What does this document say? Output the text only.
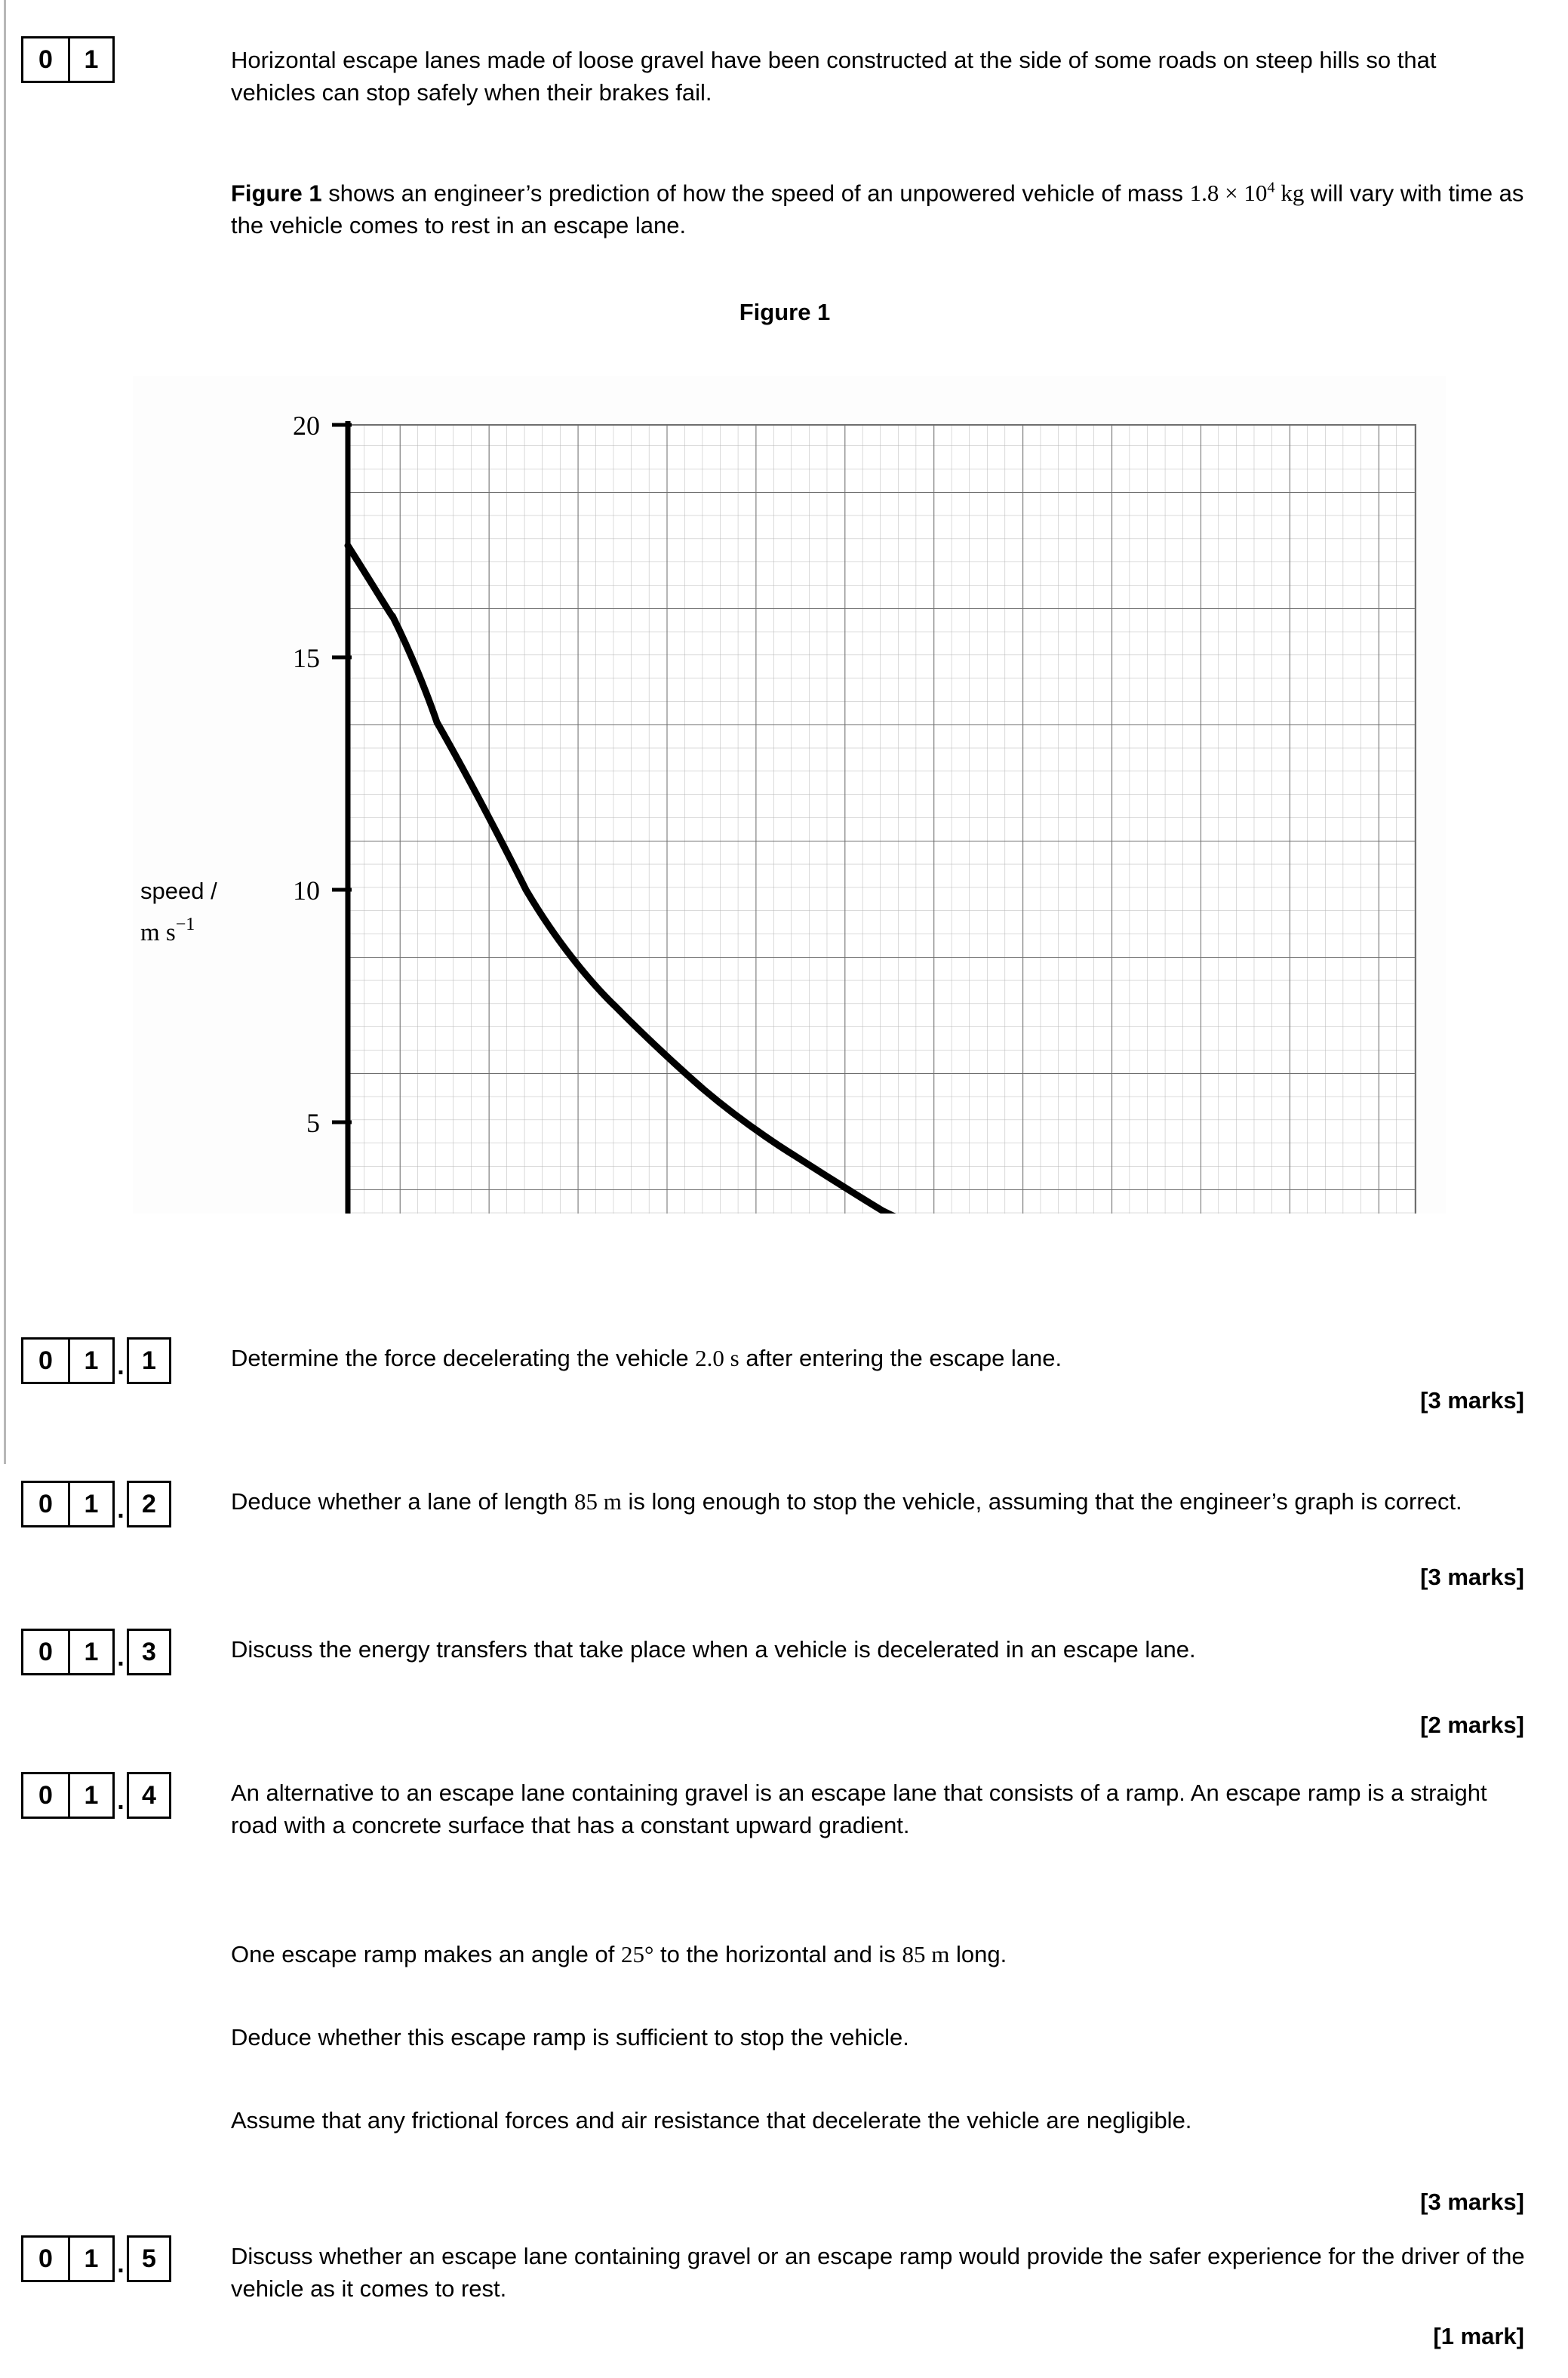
0	1	Horizontal escape lanes made of loose gravel have been constructed at the side of some roads on steep hills so that vehicles can stop safely when their brakes fail.
Figure 1 shows an engineer’s prediction of how the speed of an unpowered vehicle of mass $1.8 \times 10^4$ kg will vary with time as the vehicle comes to rest in an escape lane.
Figure 1
20
15
10
5
speed /
m $s^{-1}$
0	1 . 1	Determine the force decelerating the vehicle 2.0 s after entering the escape lane.
[3 marks]
0	1 . 2	Deduce whether a lane of length 85 m is long enough to stop the vehicle, assuming that the engineer’s graph is correct.
[3 marks]
0	1 . 3	Discuss the energy transfers that take place when a vehicle is decelerated in an escape lane.
[2 marks]
0	1 . 4	An alternative to an escape lane containing gravel is an escape lane that consists of a ramp. An escape ramp is a straight road with a concrete surface that has a constant upward gradient.
One escape ramp makes an angle of 25° to the horizontal and is 85 m long.
Deduce whether this escape ramp is sufficient to stop the vehicle.
Assume that any frictional forces and air resistance that decelerate the vehicle are negligible.
[3 marks]
0	1 . 5	Discuss whether an escape lane containing gravel or an escape ramp would provide the safer experience for the driver of the vehicle as it comes to rest.
[1 mark]
